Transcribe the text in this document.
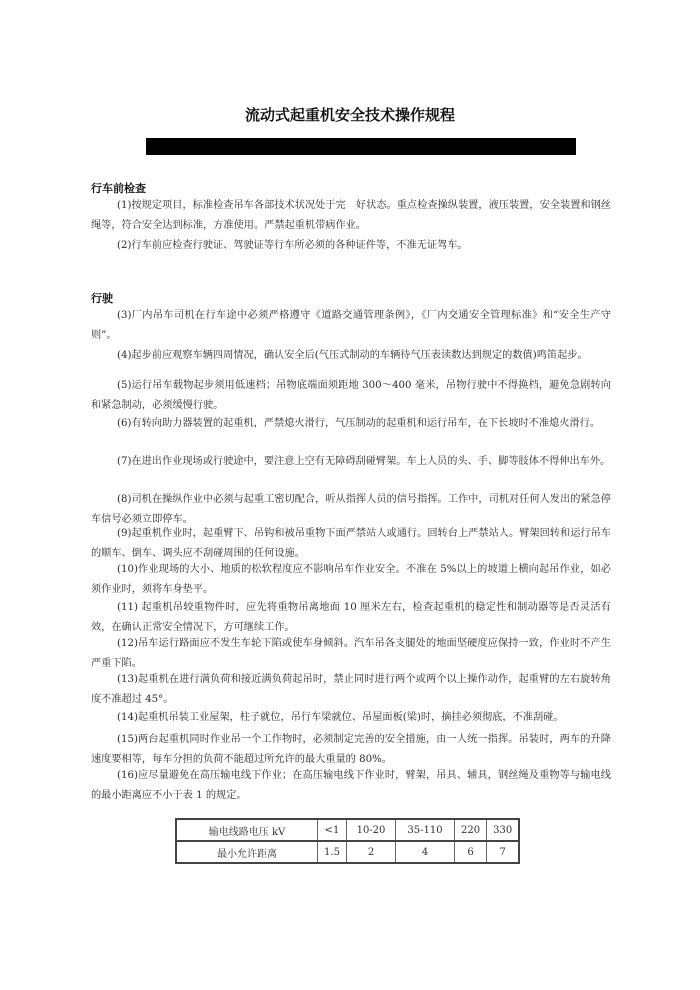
流动式起重机安全技术操作规程
行车前检查

(1)按规定项目，标准检查吊车各部技术状况处于完　好状态。重点检查操纵装置，液压装置，安全装置和钢丝绳等，符合安全达到标准，方准使用。严禁起重机带病作业。

(2)行车前应检查行驶证、驾驶证等行车所必须的各种证件等，不准无证驾车。

行驶

(3)厂内吊车司机在行车途中必须严格遵守《道路交通管理条例》，《厂内交通安全管理标准》和“安全生产守则”。

(4)起步前应观察车辆四周情况，确认安全后(气压式制动的车辆待气压表读数达到规定的数值)鸣笛起步。

(5)运行吊车载物起步须用低速档；吊物底端面须距地 300～400 毫米，吊物行驶中不得换档，避免急剧转向和紧急制动，必须缓慢行驶。

(6)有转向助力器装置的起重机，严禁熄火滑行，气压制动的起重机和运行吊车，在下长坡时不准熄火滑行。

(7)在进出作业现场或行驶途中，要注意上空有无障碍刮碰臂架。车上人员的头、手、脚等肢体不得伸出车外。

(8)司机在操纵作业中必须与起重工密切配合，听从指挥人员的信号指挥。工作中，司机对任何人发出的紧急停车信号必须立即停车。

(9)起重机作业时，起重臂下、吊钩和被吊重物下面严禁站人或通行。回转台上严禁站人。臂架回转和运行吊车的顺车、倒车、调头应不刮碰周围的任何设施。

(10)作业现场的大小、地质的松软程度应不影响吊车作业安全。不准在 5%以上的坡道上横向起吊作业，如必须作业时，须将车身垫平。

(11) 起重机吊较重物件时，应先将重物吊离地面 10 厘米左右，检查起重机的稳定性和制动器等是否灵活有效，在确认正常安全情况下，方可继续工作。

(12)吊车运行路面应不发生车轮下陷或使车身倾斜。汽车吊各支腿处的地面坚硬度应保持一致，作业时不产生严重下陷。

(13)起重机在进行满负荷和接近满负荷起吊时，禁止同时进行两个或两个以上操作动作，起重臂的左右旋转角度不准超过 45°。

(14)起重机吊装工业屋架，柱子就位，吊行车梁就位、吊屋面板(梁)时，摘挂必须彻底，不准刮碰。

(15)两台起重机同时作业吊一个工作物时，必须制定完善的安全措施，由一人统一指挥。吊装时，两车的升降速度要相等，每车分担的负荷不能超过所允许的最大重量的 80%。

(16)应尽量避免在高压输电线下作业；在高压输电线下作业时，臂架，吊具、辅具，钢丝绳及重物等与输电线的最小距离应不小于表 1 的规定。

输电线路电压 kV	<1	10-20	35-110	220	330
最小允许距离	1.5	2	4	6	7
